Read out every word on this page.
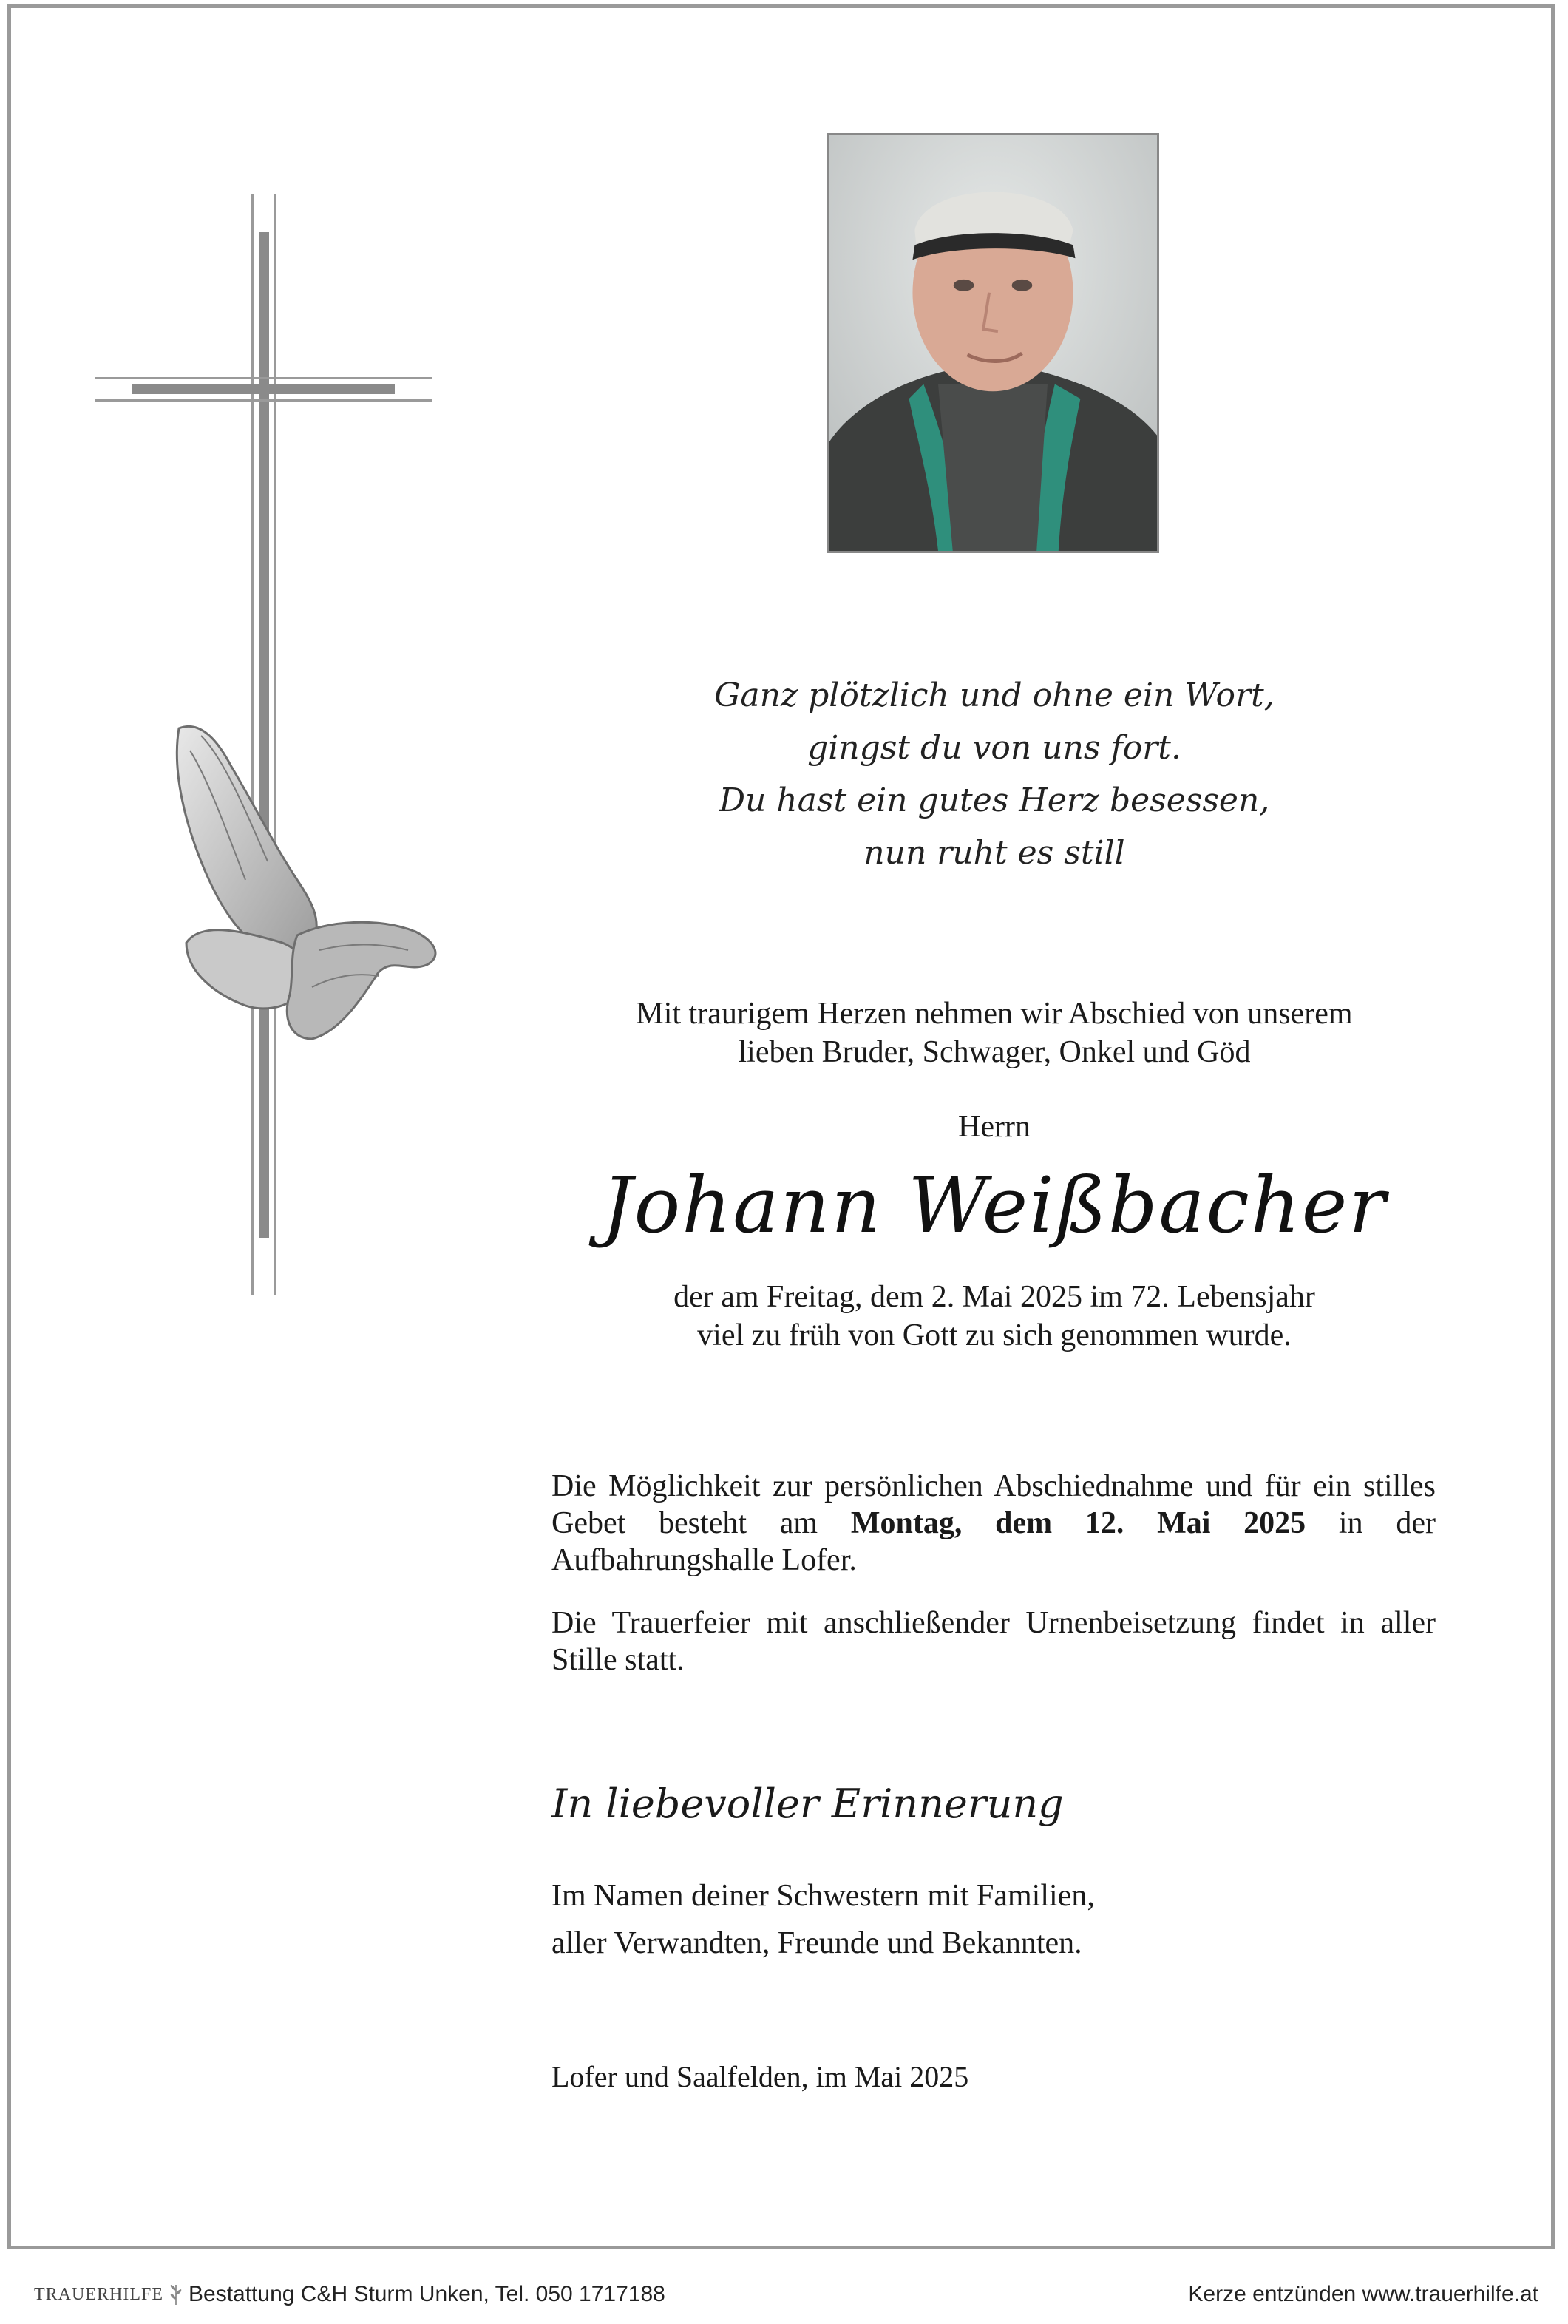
Ganz plötzlich und ohne ein Wort,
gingst du von uns fort.
Du hast ein gutes Herz besessen,
nun ruht es still
Mit traurigem Herzen nehmen wir Abschied von unserem
lieben Bruder, Schwager, Onkel und Göd
Herrn
Johann Weißbacher
der am Freitag, dem 2. Mai 2025 im 72. Lebensjahr
viel zu früh von Gott zu sich genommen wurde.
Die Möglichkeit zur persönlichen Abschiednahme und für ein stilles Gebet besteht am Montag, dem 12. Mai 2025 in der Aufbahrungshalle Lofer.
Die Trauerfeier mit anschließender Urnenbeisetzung findet in aller Stille statt.
In liebevoller Erinnerung
Im Namen deiner Schwestern mit Familien,
aller Verwandten, Freunde und Bekannten.
Lofer und Saalfelden, im Mai 2025
TRAUERHILFE Bestattung C&H Sturm Unken, Tel. 050 1717188	Kerze entzünden www.trauerhilfe.at
